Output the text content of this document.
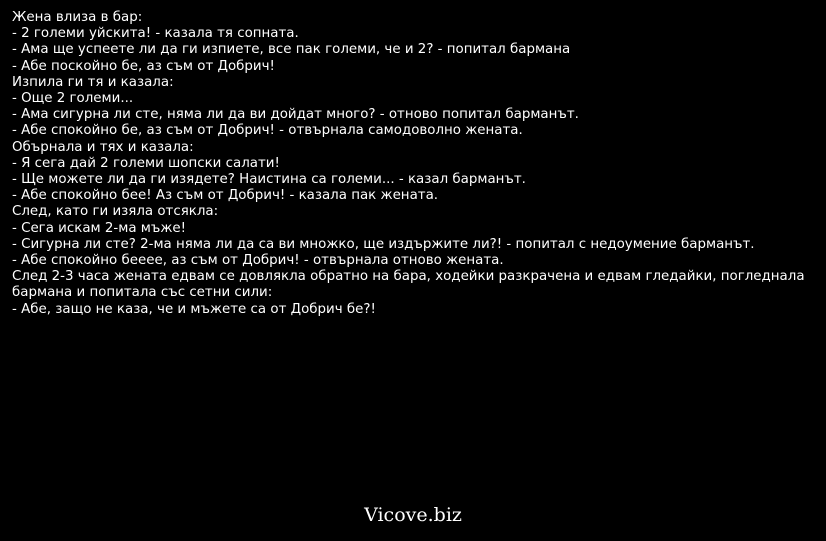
Жена влиза в бар:
- 2 големи уйскита! - казала тя сопната.
- Ама ще успеете ли да ги изпиете, все пак големи, че и 2? - попитал бармана
- Абе поскойно бе, аз съм от Добрич!
Изпила ги тя и казала:
- Още 2 големи...
- Ама сигурна ли сте, няма ли да ви дойдат много? - отново попитал барманът.
- Абе спокойно бе, аз съм от Добрич! - отвърнала самодоволно жената.
Обърнала и тях и казала:
- Я сега дай 2 големи шопски салати!
- Ще можете ли да ги изядете? Наистина са големи... - казал барманът.
- Абе спокойно бее! Аз съм от Добрич! - казала пак жената.
След, като ги изяла отсякла:
- Сега искам 2-ма мъже!
- Сигурна ли сте? 2-ма няма ли да са ви множко, ще издържите ли?! - попитал с недоумение барманът.
- Абе спокойно беееe, аз съм от Добрич! - отвърнала отново жената.
След 2-3 часа жената едвам се довлякла обратно на бара, ходейки разкрачена и едвам гледайки, погледнала бармана и попитала със сетни сили:
- Абе, защо не каза, че и мъжете са от Добрич бе?!
Vicove.biz
